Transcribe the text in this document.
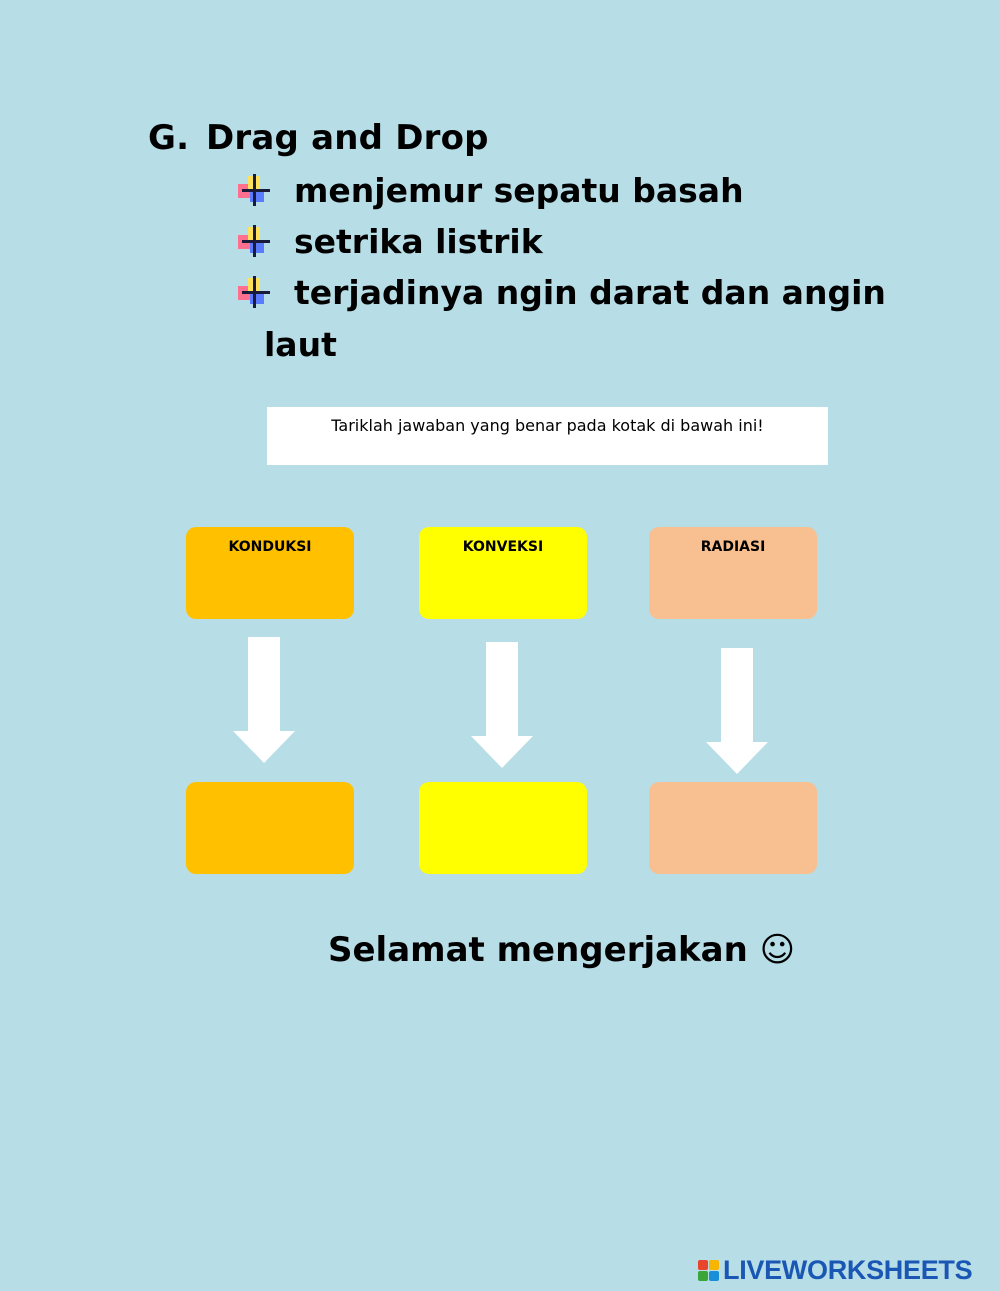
G. Drag and Drop
menjemur sepatu basah
setrika listrik
terjadinya ngin darat dan angin
laut
Tariklah jawaban yang benar pada kotak di bawah ini!
KONDUKSI	KONVEKSI	RADIASI
Selamat mengerjakan ☺
LIVEWORKSHEETS
